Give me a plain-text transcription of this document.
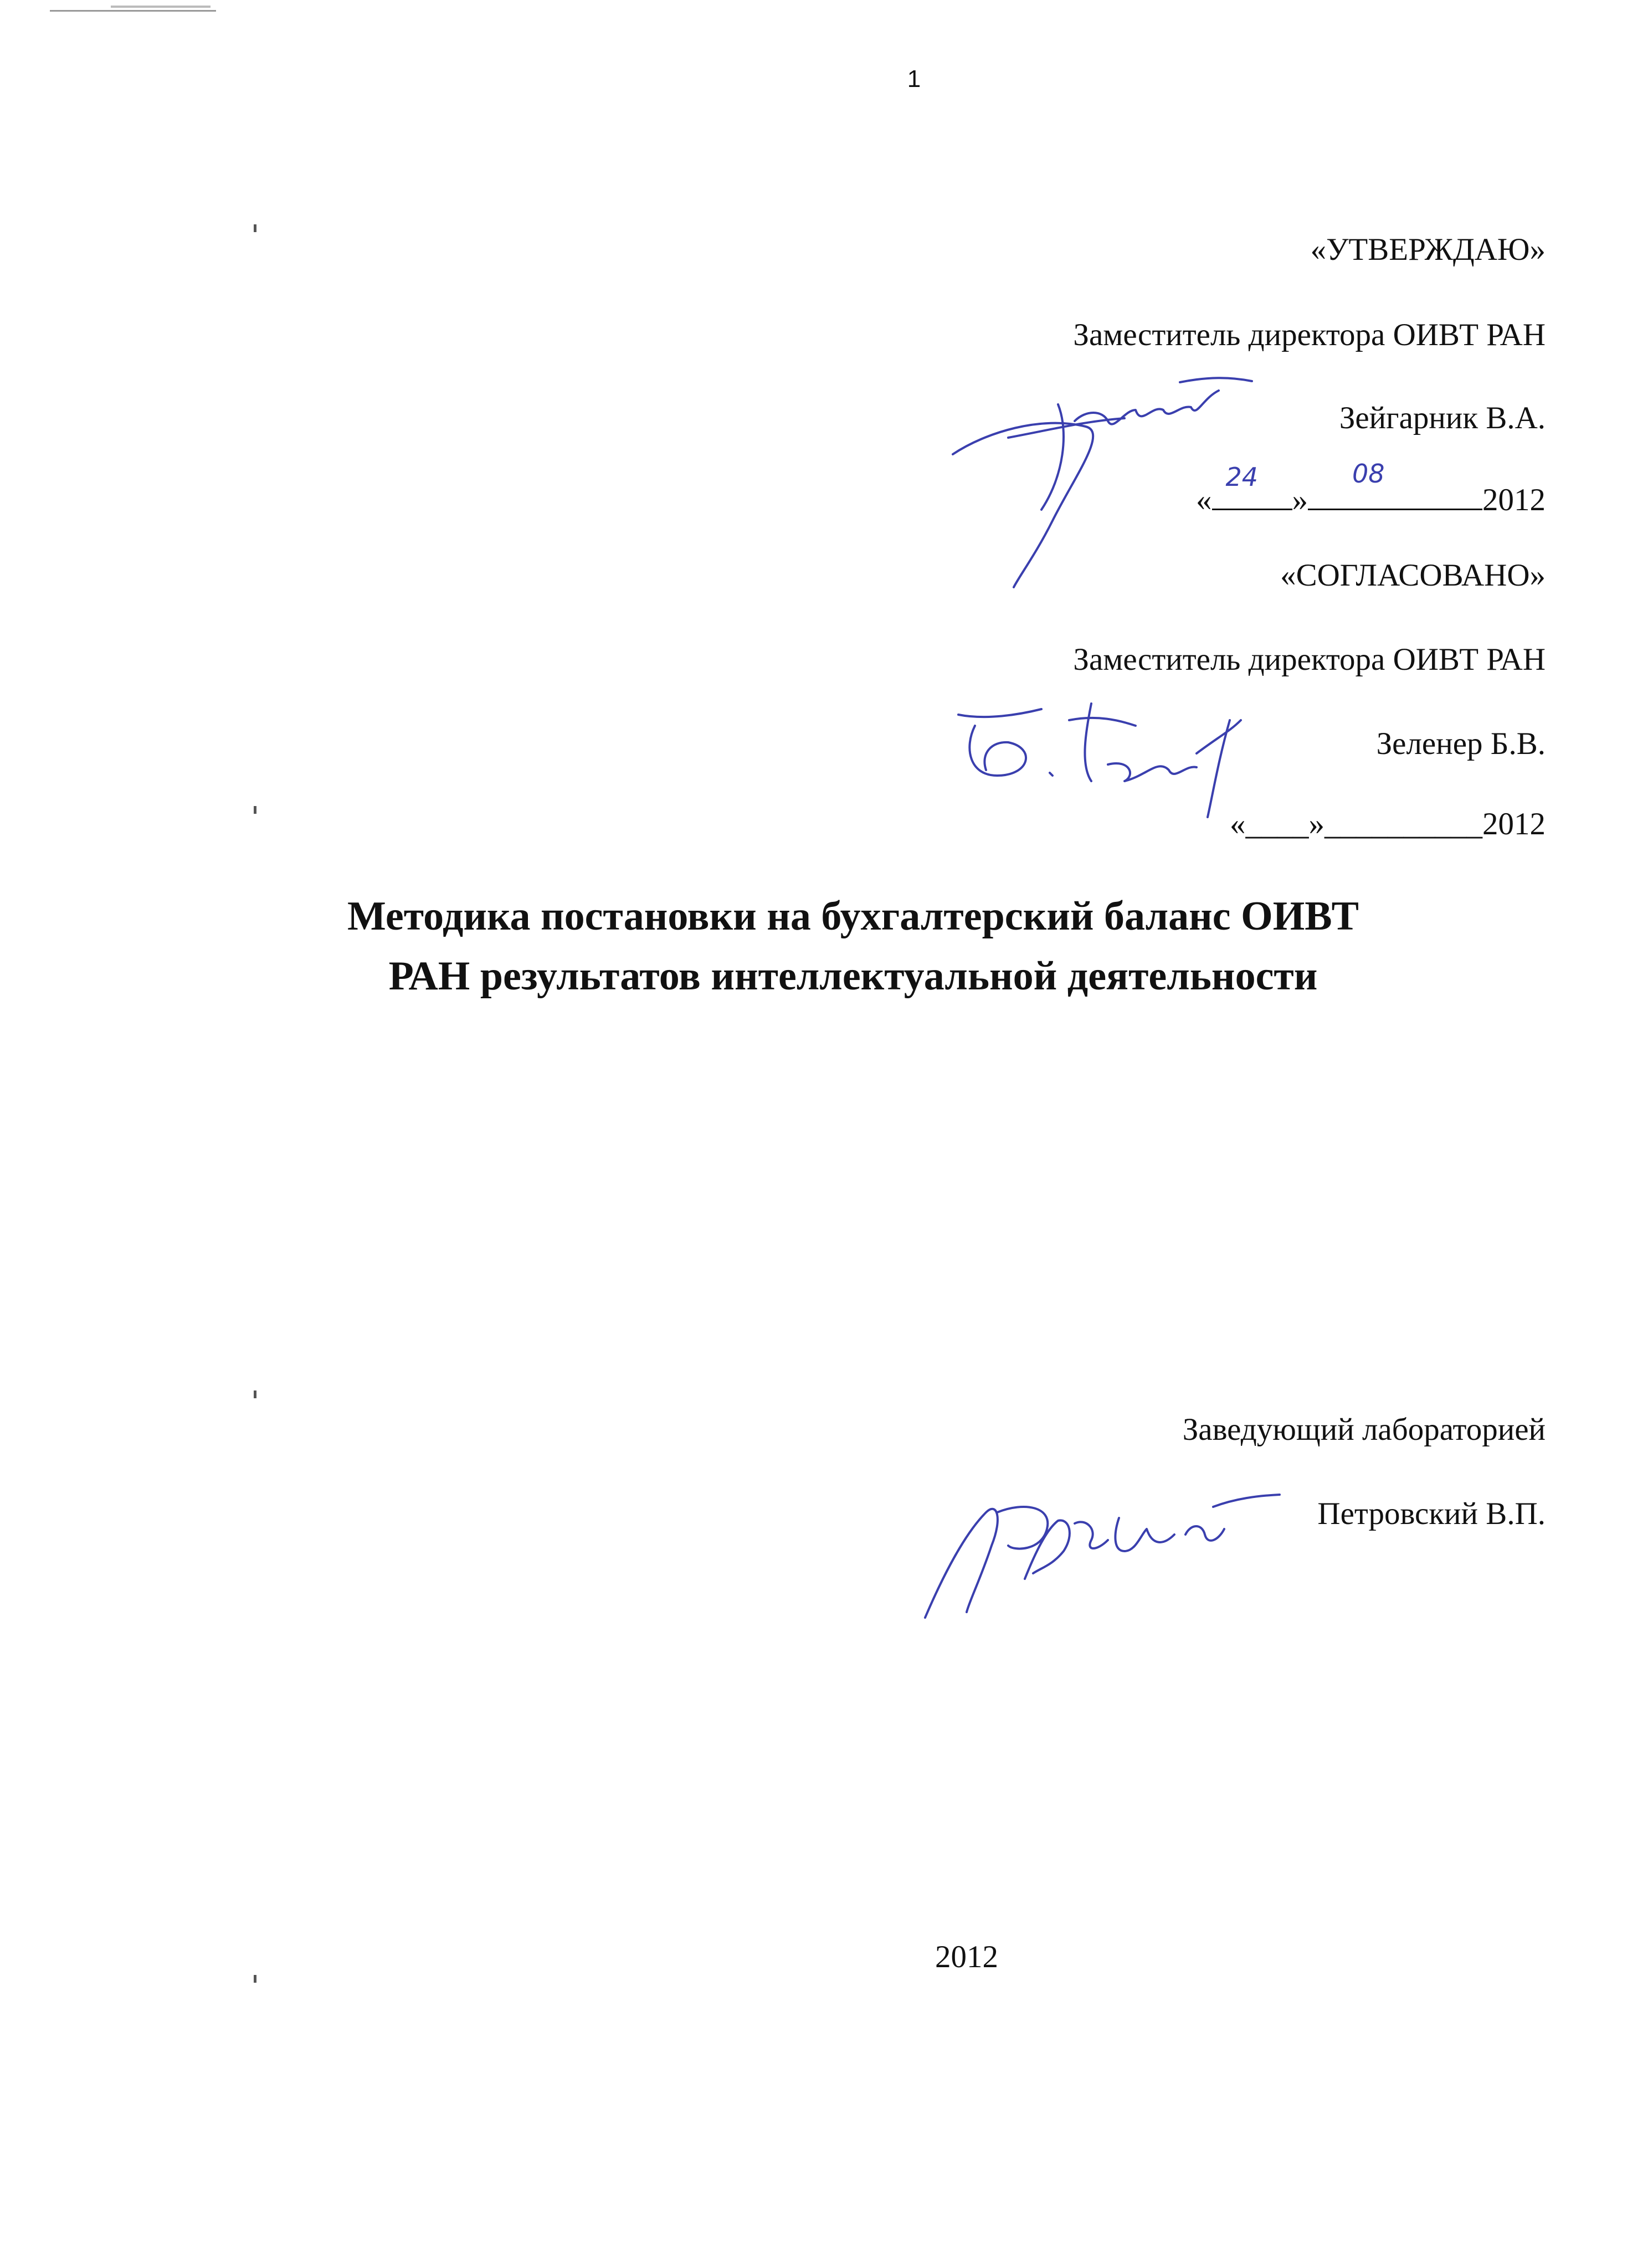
1
«УТВЕРЖДАЮ»
Заместитель директора ОИВТ РАН
Зейгарник В.А.
«
24
»
08
2012
«СОГЛАСОВАНО»
Заместитель директора ОИВТ РАН
Зеленер Б.В.
«____»__________2012
Методика постановки на бухгалтерский баланс ОИВТ
РАН результатов интеллектуальной деятельности
Заведующий лабораторией
Петровский В.П.
2012
